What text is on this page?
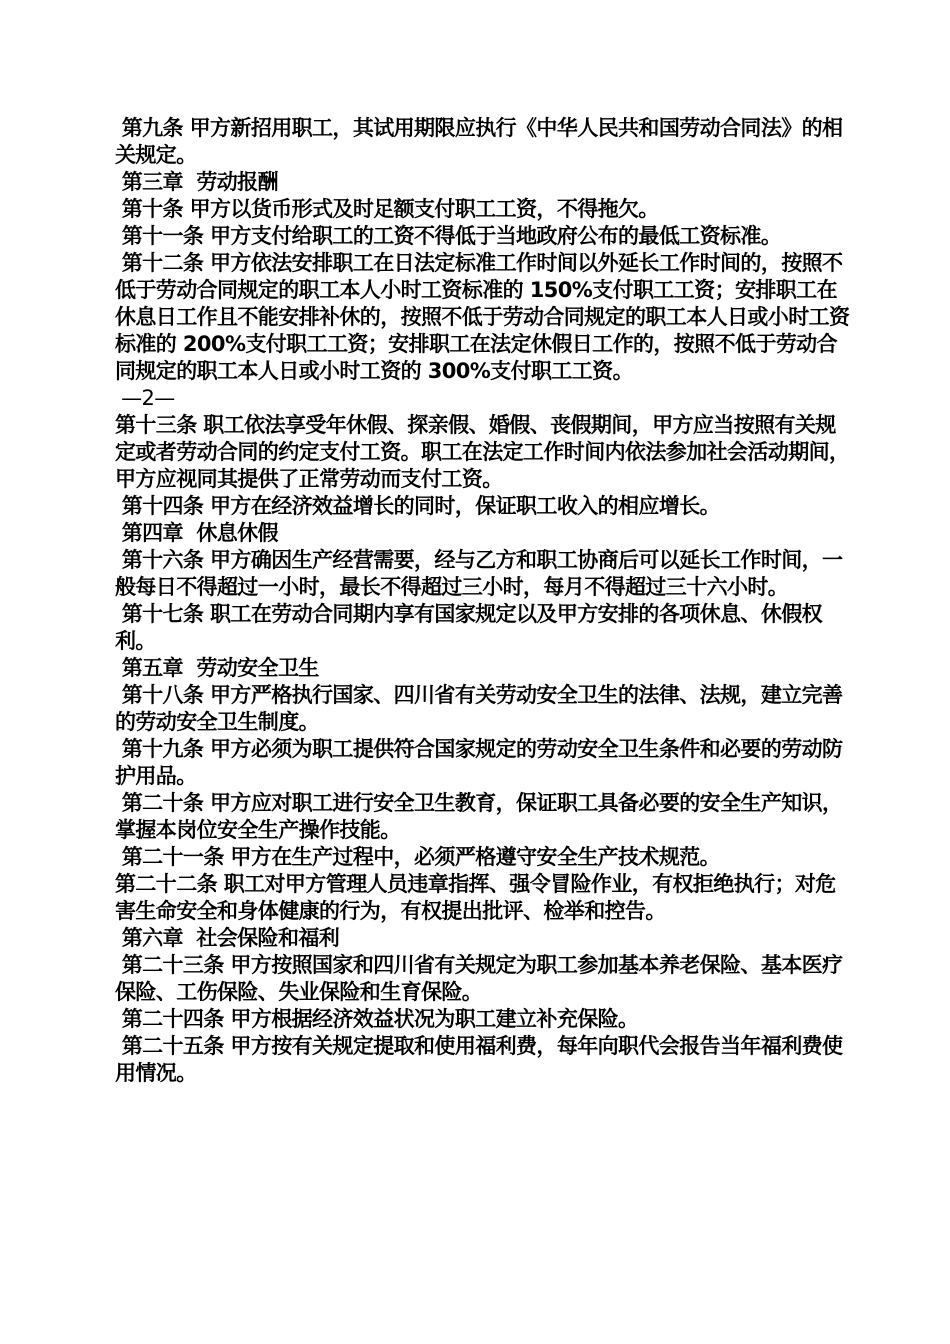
第九条 甲方新招用职工，其试用期限应执行《中华人民共和国劳动合同法》的相关规定。

第三章  劳动报酬

第十条 甲方以货币形式及时足额支付职工工资，不得拖欠。

第十一条 甲方支付给职工的工资不得低于当地政府公布的最低工资标准。

第十二条 甲方依法安排职工在日法定标准工作时间以外延长工作时间的，按照不低于劳动合同规定的职工本人小时工资标准的 150%支付职工工资；安排职工在休息日工作且不能安排补休的，按照不低于劳动合同规定的职工本人日或小时工资标准的 200%支付职工工资；安排职工在法定休假日工作的，按照不低于劳动合同规定的职工本人日或小时工资的 300%支付职工工资。

—2—

第十三条 职工依法享受年休假、探亲假、婚假、丧假期间，甲方应当按照有关规定或者劳动合同的约定支付工资。职工在法定工作时间内依法参加社会活动期间，甲方应视同其提供了正常劳动而支付工资。

第十四条 甲方在经济效益增长的同时，保证职工收入的相应增长。

第四章  休息休假

第十六条 甲方确因生产经营需要，经与乙方和职工协商后可以延长工作时间，一般每日不得超过一小时，最长不得超过三小时，每月不得超过三十六小时。

第十七条 职工在劳动合同期内享有国家规定以及甲方安排的各项休息、休假权利。

第五章  劳动安全卫生

第十八条 甲方严格执行国家、四川省有关劳动安全卫生的法律、法规，建立完善的劳动安全卫生制度。

第十九条 甲方必须为职工提供符合国家规定的劳动安全卫生条件和必要的劳动防护用品。

第二十条 甲方应对职工进行安全卫生教育，保证职工具备必要的安全生产知识，掌握本岗位安全生产操作技能。

第二十一条 甲方在生产过程中，必须严格遵守安全生产技术规范。

第二十二条 职工对甲方管理人员违章指挥、强令冒险作业，有权拒绝执行；对危害生命安全和身体健康的行为，有权提出批评、检举和控告。

第六章  社会保险和福利

第二十三条 甲方按照国家和四川省有关规定为职工参加基本养老保险、基本医疗保险、工伤保险、失业保险和生育保险。

第二十四条 甲方根据经济效益状况为职工建立补充保险。

第二十五条 甲方按有关规定提取和使用福利费，每年向职代会报告当年福利费使用情况。
